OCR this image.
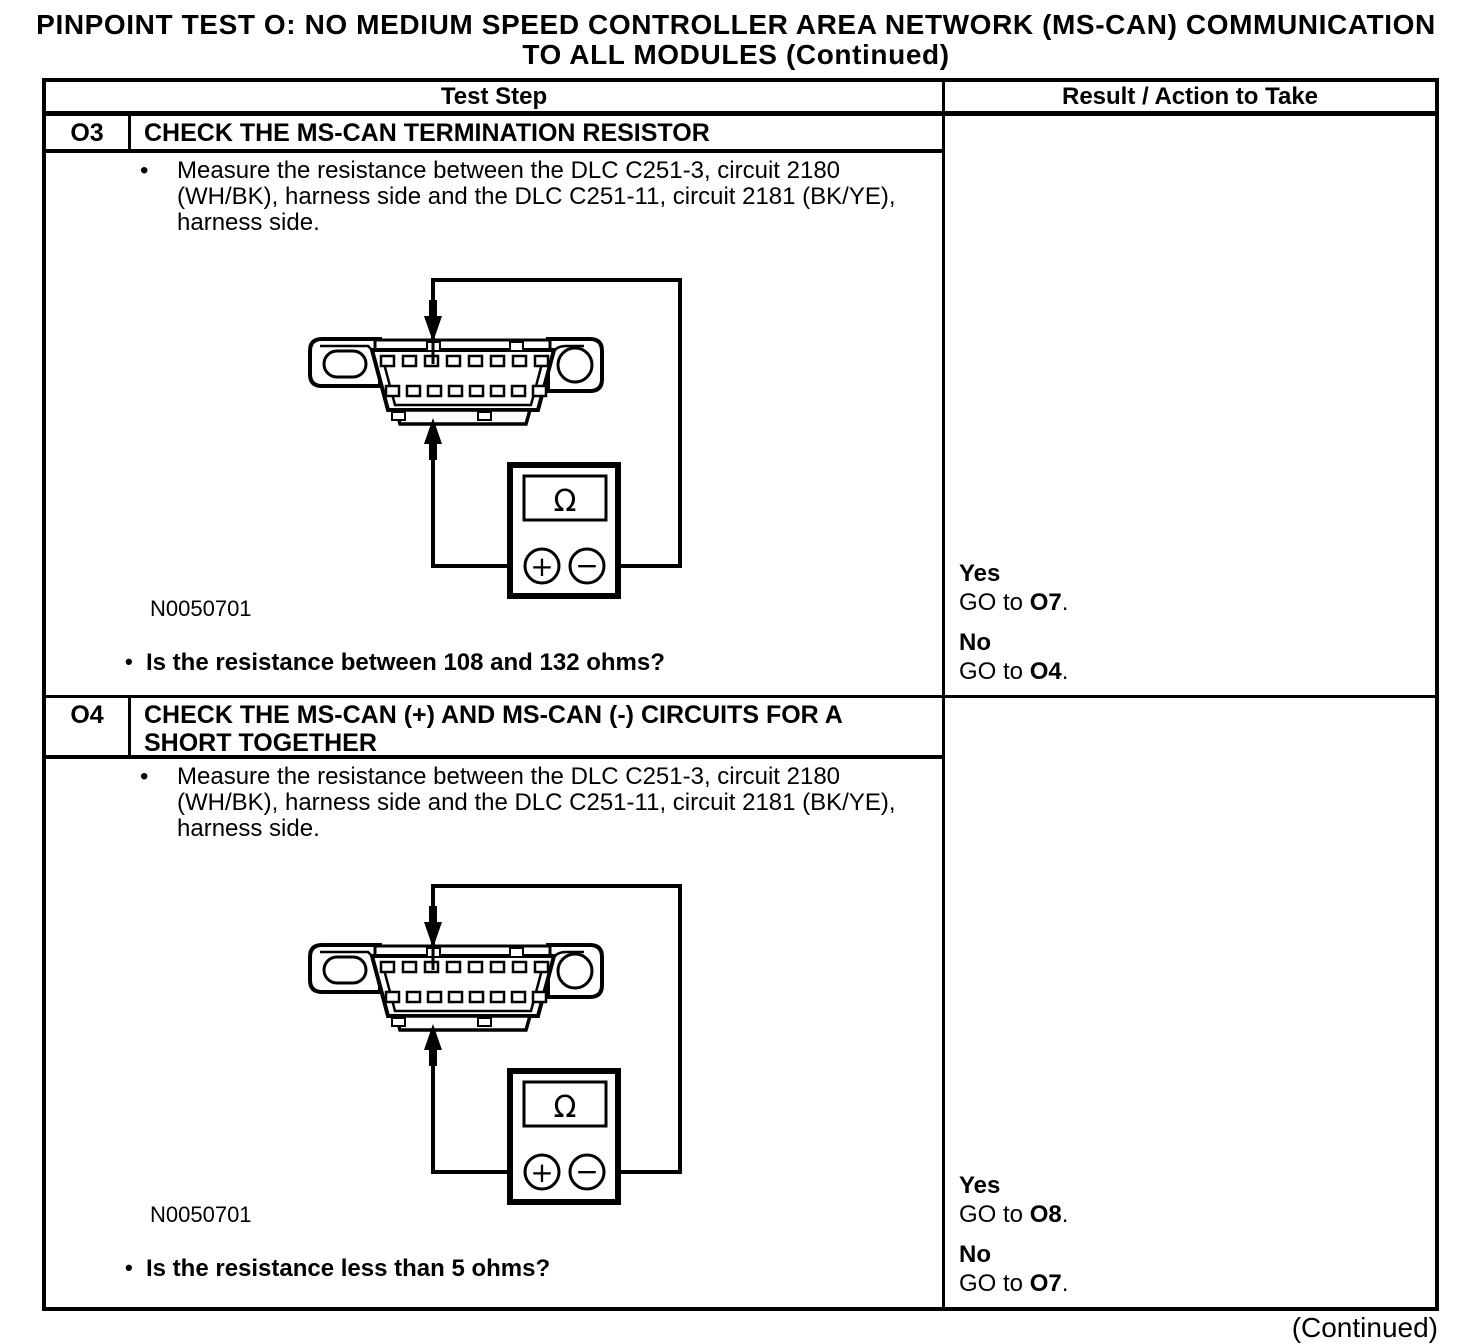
PINPOINT TEST O: NO MEDIUM SPEED CONTROLLER AREA NETWORK (MS-CAN) COMMUNICATION
TO ALL MODULES (Continued)
Test Step	Result / Action to Take
O3	CHECK THE MS-CAN TERMINATION RESISTOR
•	Measure the resistance between the DLC C251-3, circuit 2180 (WH/BK), harness side and the DLC C251-11, circuit 2181 (BK/YE), harness side.

Ω
+ −
N0050701
• Is the resistance between 108 and 132 ohms?
Yes
GO to O7.
No
GO to O4.
O4	CHECK THE MS-CAN (+) AND MS-CAN (-) CIRCUITS FOR A SHORT TOGETHER
•	Measure the resistance between the DLC C251-3, circuit 2180 (WH/BK), harness side and the DLC C251-11, circuit 2181 (BK/YE), harness side.

Ω
+ −
N0050701
• Is the resistance less than 5 ohms?
Yes
GO to O8.
No
GO to O7.
(Continued)
